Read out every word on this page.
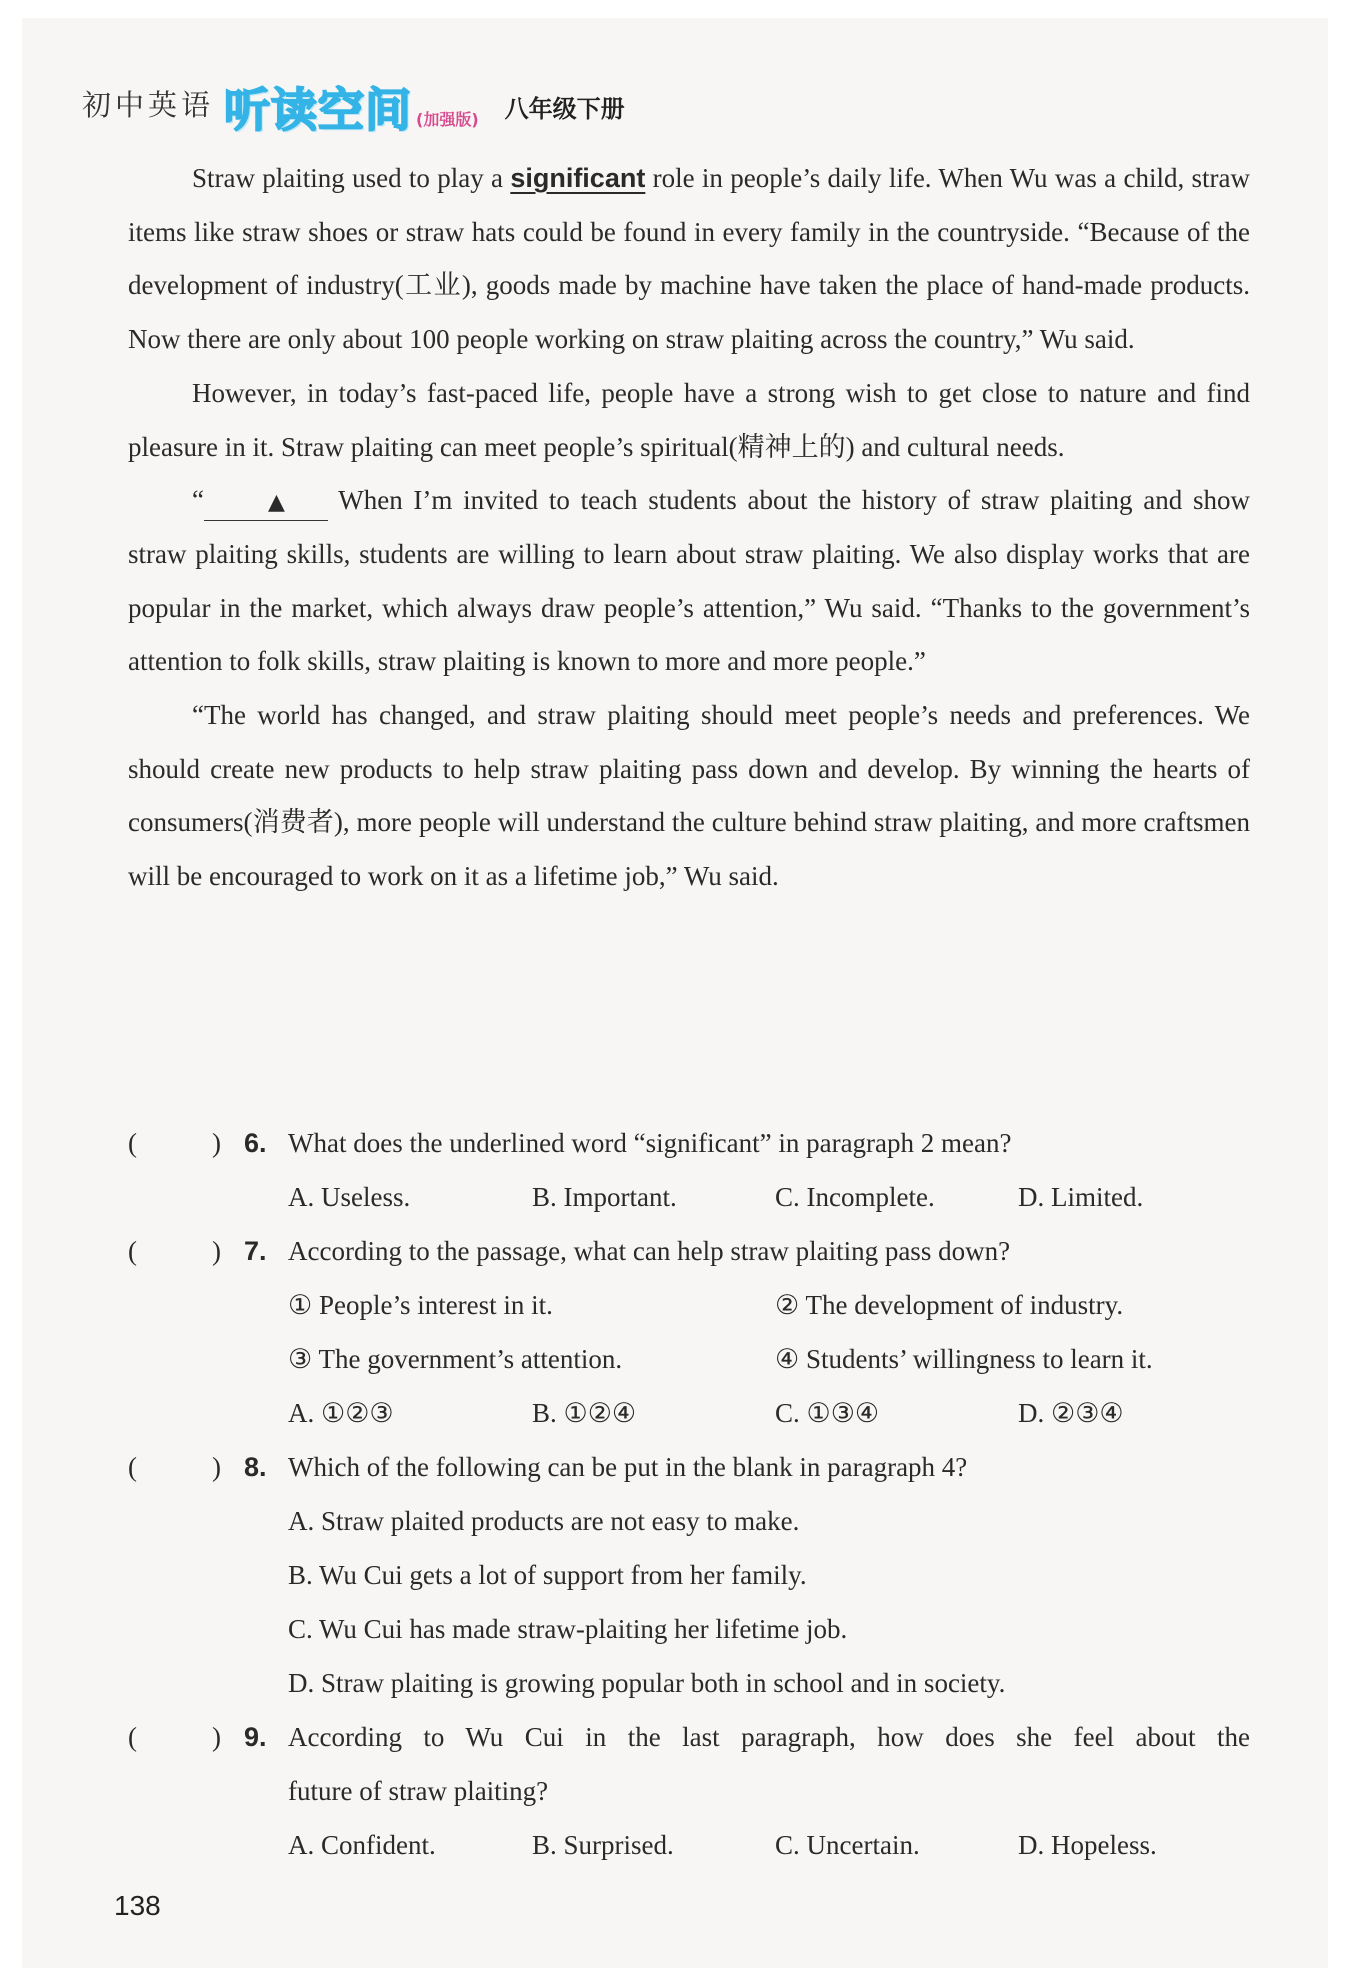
初中英语 听读空间 (加强版) 八年级下册

Straw plaiting used to play a significant role in people’s daily life. When Wu was a child, straw items like straw shoes or straw hats could be found in every family in the countryside. “Because of the development of industry(工业), goods made by machine have taken the place of hand-made products. Now there are only about 100 people working on straw plaiting across the country,” Wu said.

However, in today’s fast-paced life, people have a strong wish to get close to nature and find pleasure in it. Straw plaiting can meet people’s spiritual(精神上的) and cultural needs.

“	▲ When I’m invited to teach students about the history of straw plaiting and show straw plaiting skills, students are willing to learn about straw plaiting. We also display works that are popular in the market, which always draw people’s attention,” Wu said. “Thanks to the government’s attention to folk skills, straw plaiting is known to more and more people.”

“The world has changed, and straw plaiting should meet people’s needs and preferences. We should create new products to help straw plaiting pass down and develop. By winning the hearts of consumers(消费者), more people will understand the culture behind straw plaiting, and more craftsmen will be encouraged to work on it as a lifetime job,” Wu said.

(	) 6. What does the underlined word “significant” in paragraph 2 mean?
A. Useless.	B. Important.	C. Incomplete.	D. Limited.
(	) 7. According to the passage, what can help straw plaiting pass down?
① People’s interest in it.	② The development of industry.
③ The government’s attention.	④ Students’ willingness to learn it.
A. ①②③	B. ①②④	C. ①③④	D. ②③④
(	) 8. Which of the following can be put in the blank in paragraph 4?
A. Straw plaited products are not easy to make.
B. Wu Cui gets a lot of support from her family.
C. Wu Cui has made straw-plaiting her lifetime job.
D. Straw plaiting is growing popular both in school and in society.
(	) 9. According to Wu Cui in the last paragraph, how does she feel about the
future of straw plaiting?
A. Confident.	B. Surprised.	C. Uncertain.	D. Hopeless.
138
